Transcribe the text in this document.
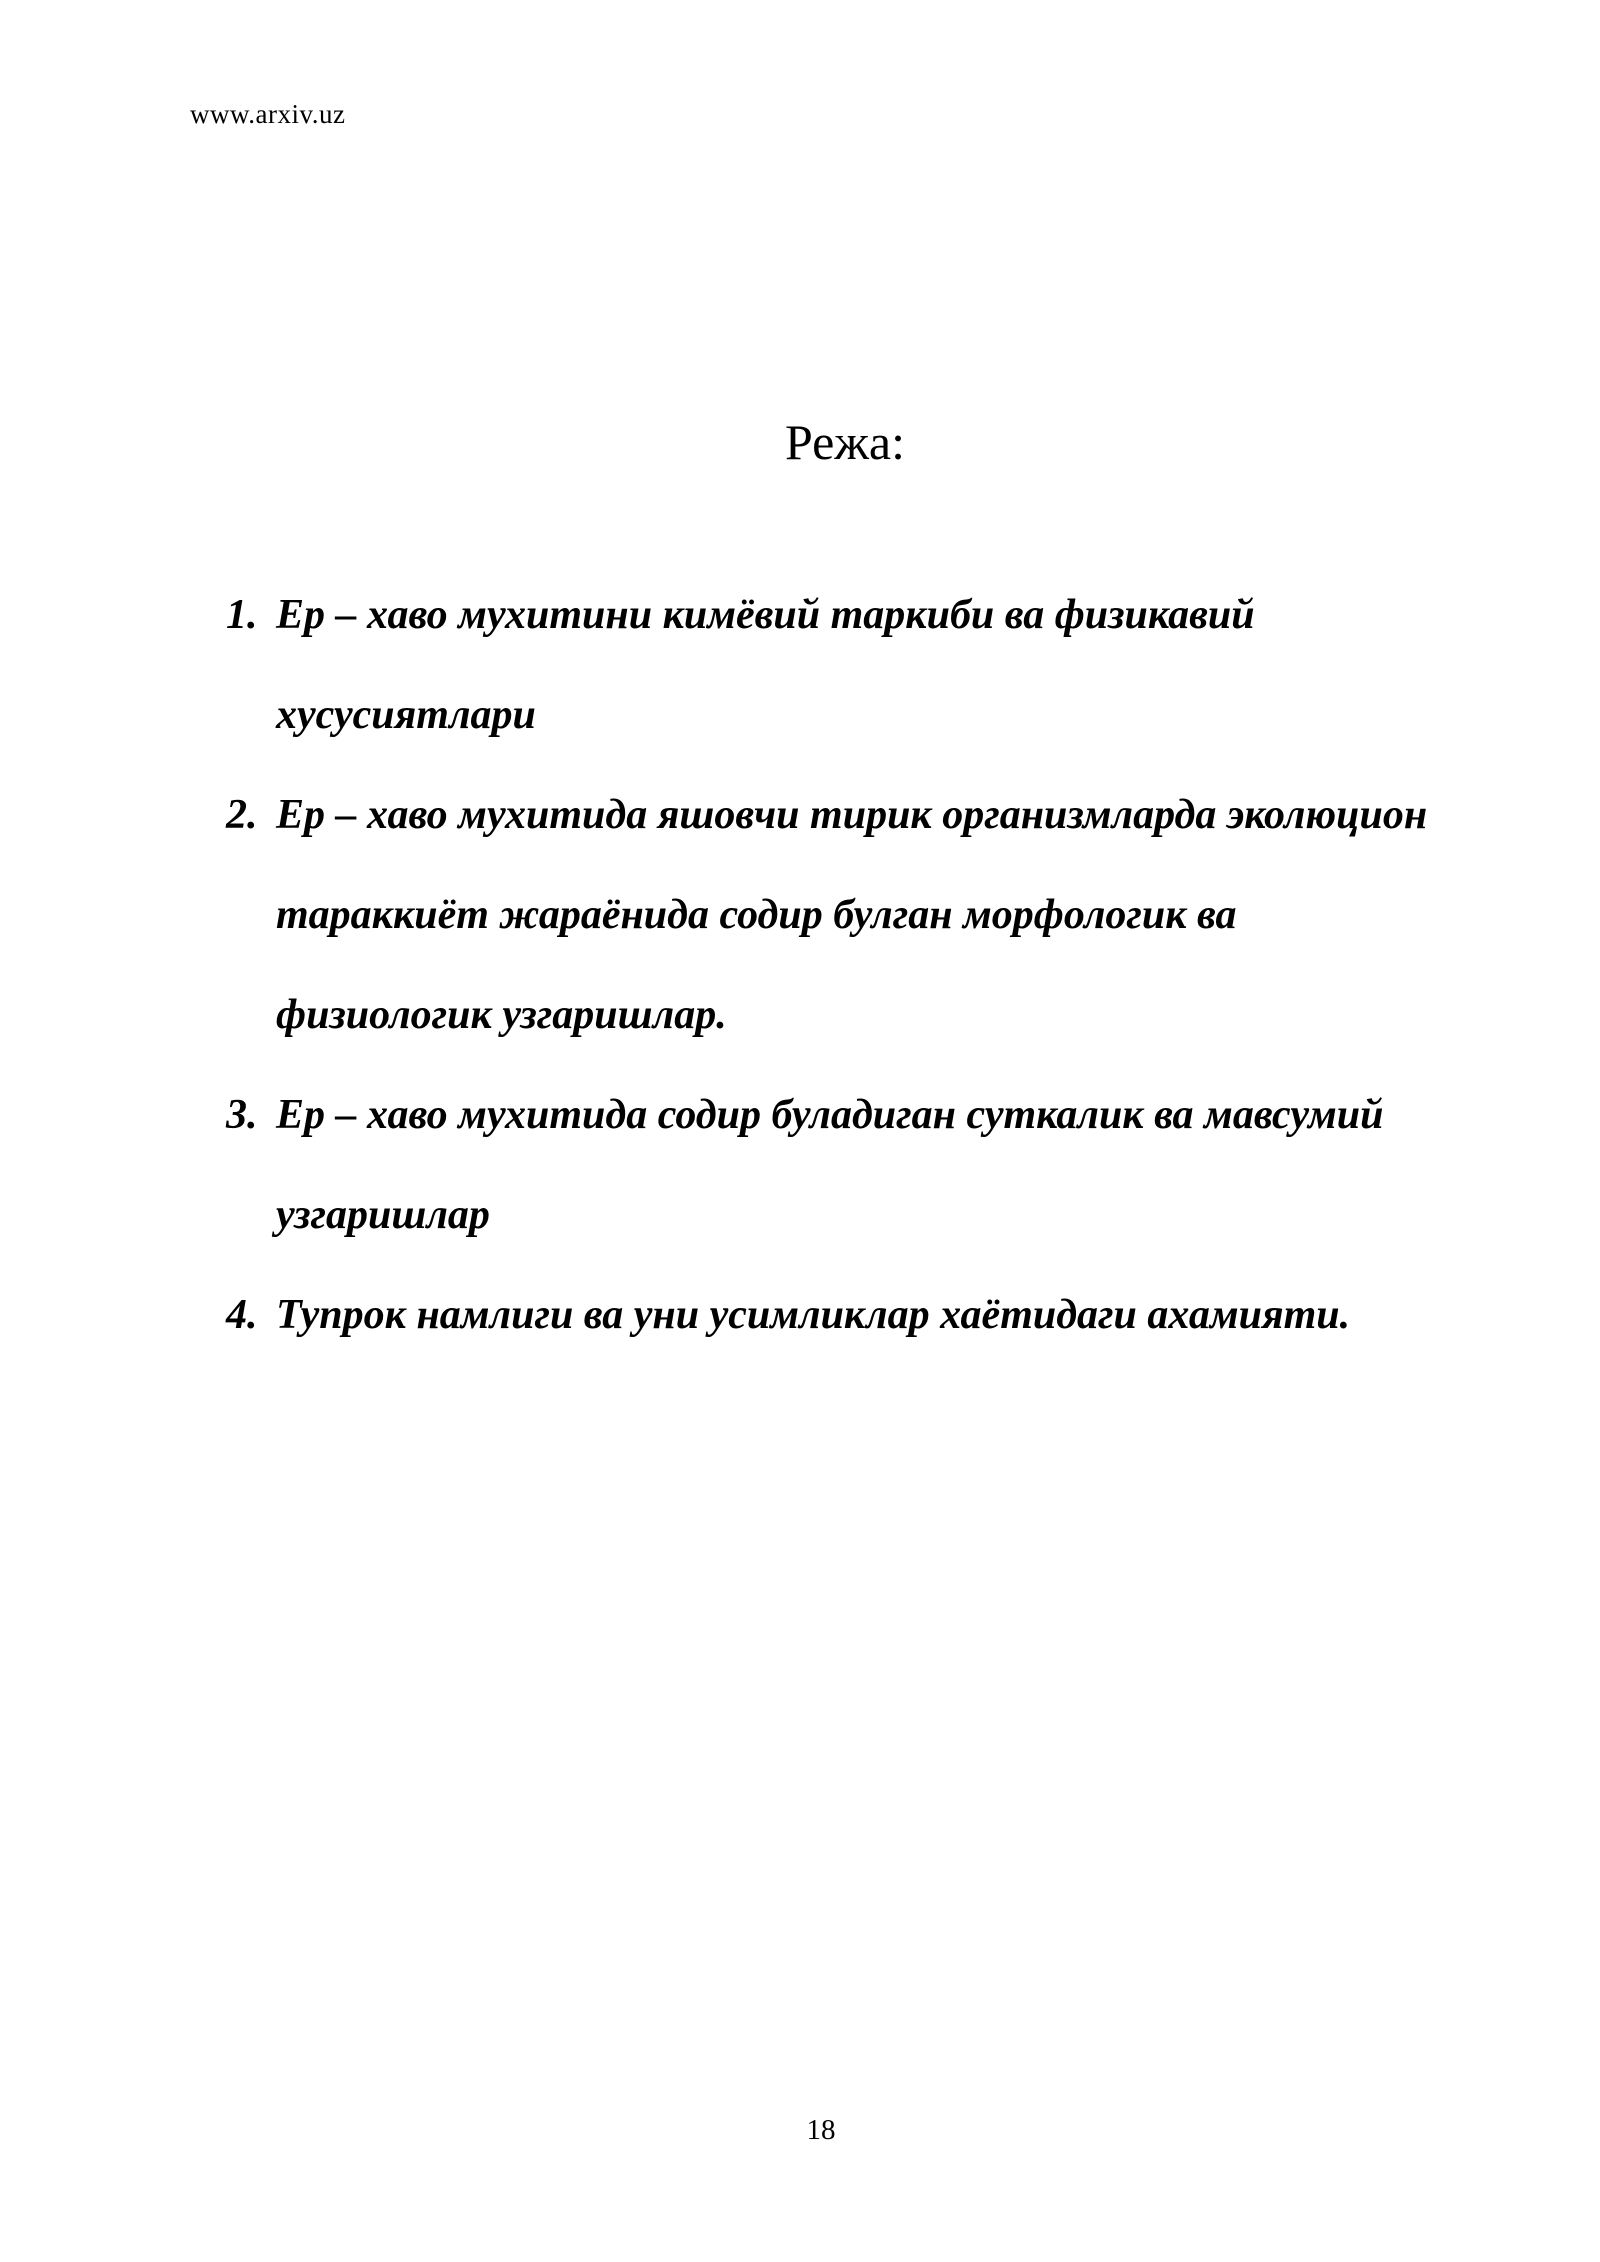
www.arxiv.uz
Режа:
1. Ер – хаво мухитини кимёвий таркиби ва физикавий
хусусиятлари
2. Ер – хаво мухитида яшовчи тирик организмларда эколюцион
тараккиёт жараёнида содир булган морфологик ва
физиологик узгаришлар.
3. Ер – хаво мухитида содир буладиган суткалик ва мавсумий
узгаришлар
4. Тупрок намлиги ва уни усимликлар хаётидаги ахамияти.
18
